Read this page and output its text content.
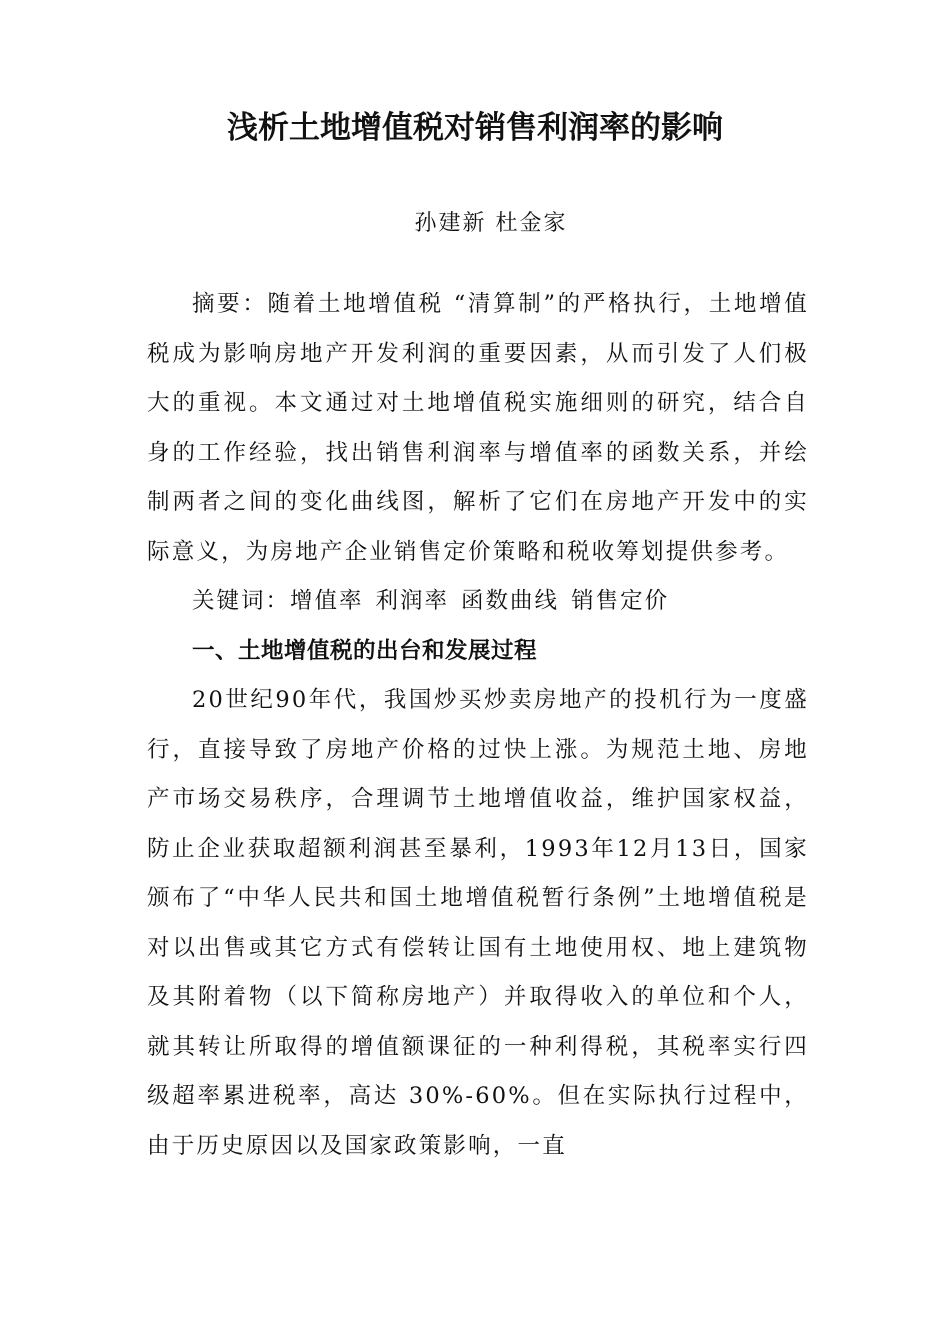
浅析土地增值税对销售利润率的影响
孙建新 杜金家

摘要：随着土地增值税 “清算制”的严格执行，土地增值税成为影响房地产开发利润的重要因素，从而引发了人们极大的重视。本文通过对土地增值税实施细则的研究，结合自身的工作经验，找出销售利润率与增值率的函数关系，并绘制两者之间的变化曲线图，解析了它们在房地产开发中的实际意义，为房地产企业销售定价策略和税收筹划提供参考。

关键词：增值率 利润率 函数曲线 销售定价

一、土地增值税的出台和发展过程

20世纪90年代，我国炒买炒卖房地产的投机行为一度盛行，直接导致了房地产价格的过快上涨。为规范土地、房地产市场交易秩序，合理调节土地增值收益，维护国家权益，防止企业获取超额利润甚至暴利，1993年12月13日，国家颁布了“中华人民共和国土地增值税暂行条例”土地增值税是对以出售或其它方式有偿转让国有土地使用权、地上建筑物及其附着物（以下简称房地产）并取得收入的单位和个人，就其转让所取得的增值额课征的一种利得税，其税率实行四级超率累进税率，高达 30%-60%。但在实际执行过程中，由于历史原因以及国家政策影响，一直
